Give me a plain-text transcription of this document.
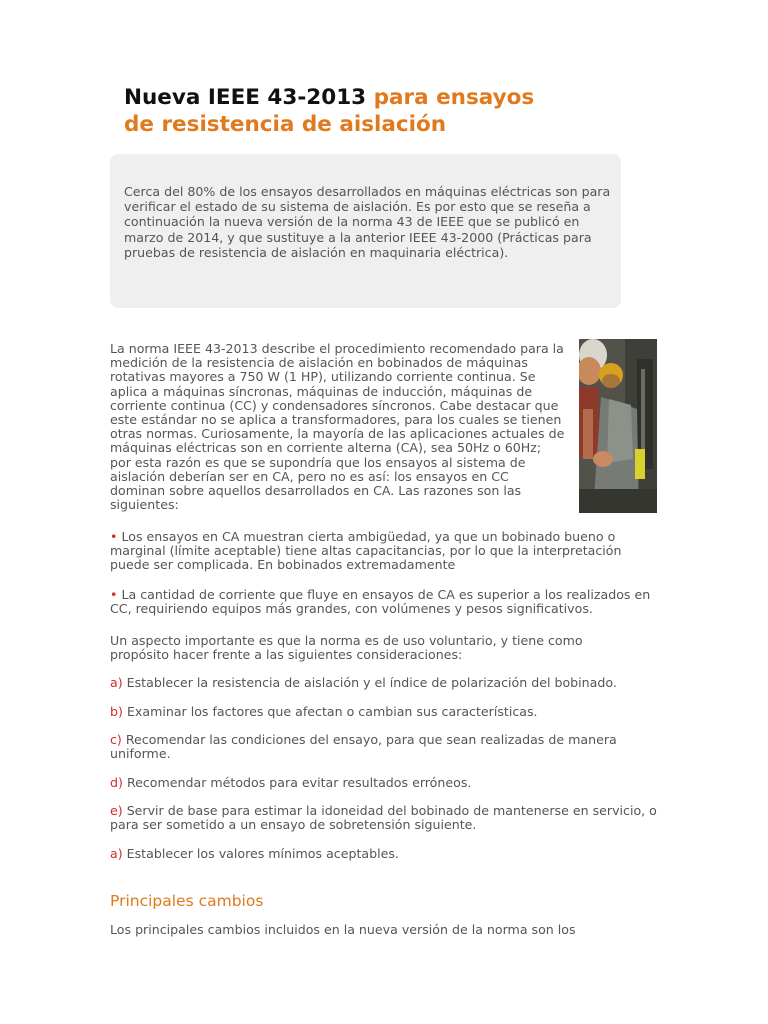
Nueva IEEE 43-2013 para ensayos
de resistencia de aislación

Cerca del 80% de los ensayos desarrollados en máquinas eléctricas son para verificar el estado de su sistema de aislación. Es por esto que se reseña a continuación la nueva versión de la norma 43 de IEEE que se publicó en marzo de 2014, y que sustituye a la anterior IEEE 43-2000 (Prácticas para pruebas de resistencia de aislación en maquinaria eléctrica).

La norma IEEE 43-2013 describe el procedimiento recomendado para la medición de la resistencia de aislación en bobinados de máquinas rotativas mayores a 750 W (1 HP), utilizando corriente continua. Se aplica a máquinas síncronas, máquinas de inducción, máquinas de corriente continua (CC) y condensadores síncronos. Cabe destacar que este estándar no se aplica a transformadores, para los cuales se tienen otras normas. Curiosamente, la mayoría de las aplicaciones actuales de máquinas eléctricas son en corriente alterna (CA), sea 50Hz o 60Hz; por esta razón es que se supondría que los ensayos al sistema de aislación deberían ser en CA, pero no es así: los ensayos en CC dominan sobre aquellos desarrollados en CA. Las razones son las siguientes:

• Los ensayos en CA muestran cierta ambigüedad, ya que un bobinado bueno o marginal (límite aceptable) tiene altas capacitancias, por lo que la interpretación puede ser complicada. En bobinados extremadamente

• La cantidad de corriente que fluye en ensayos de CA es superior a los realizados en CC, requiriendo equipos más grandes, con volúmenes y pesos significativos.

Un aspecto importante es que la norma es de uso voluntario, y tiene como propósito hacer frente a las siguientes consideraciones:

a) Establecer la resistencia de aislación y el índice de polarización del bobinado.

b) Examinar los factores que afectan o cambian sus características.

c) Recomendar las condiciones del ensayo, para que sean realizadas de manera uniforme.

d) Recomendar métodos para evitar resultados erróneos.

e) Servir de base para estimar la idoneidad del bobinado de mantenerse en servicio, o para ser sometido a un ensayo de sobretensión siguiente.

a) Establecer los valores mínimos aceptables.

Principales cambios

Los principales cambios incluidos en la nueva versión de la norma son los
